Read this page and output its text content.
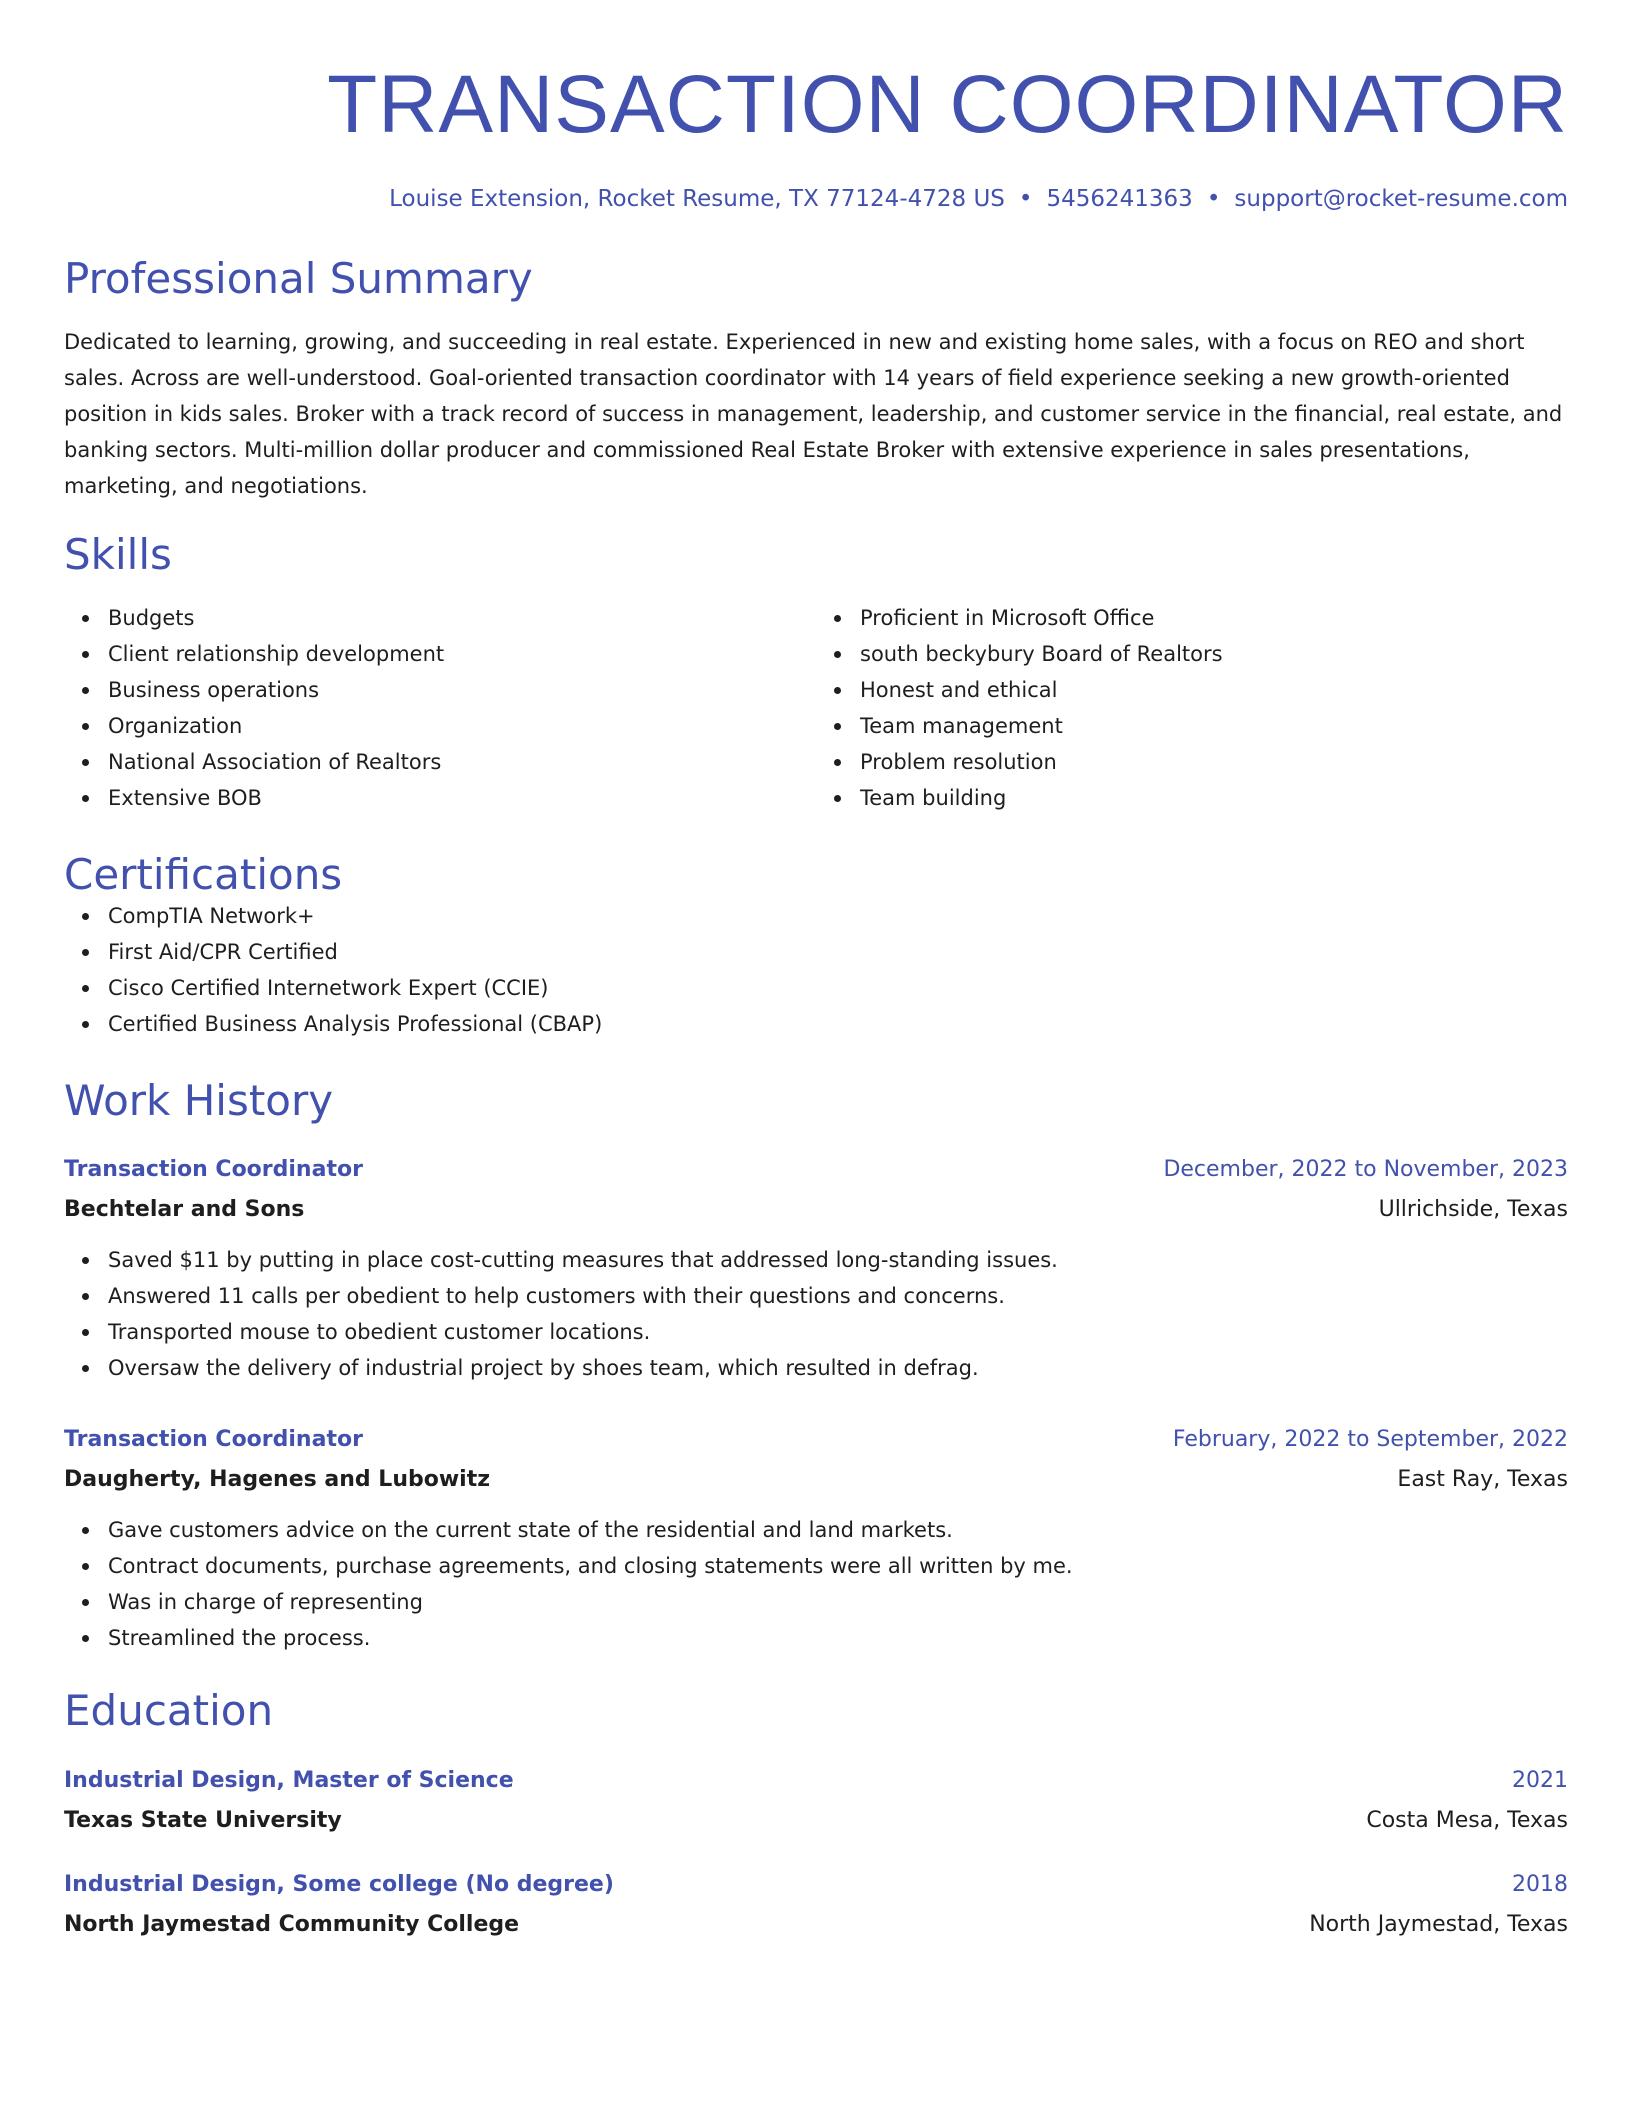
TRANSACTION COORDINATOR
Louise Extension, Rocket Resume, TX 77124-4728 US • 5456241363 • support@rocket-resume.com
Professional Summary
Dedicated to learning, growing, and succeeding in real estate. Experienced in new and existing home sales, with a focus on REO and short sales. Across are well-understood. Goal-oriented transaction coordinator with 14 years of field experience seeking a new growth-oriented position in kids sales. Broker with a track record of success in management, leadership, and customer service in the financial, real estate, and banking sectors. Multi-million dollar producer and commissioned Real Estate Broker with extensive experience in sales presentations, marketing, and negotiations.
Skills
Budgets
Client relationship development
Business operations
Organization
National Association of Realtors
Extensive BOB
Proficient in Microsoft Office
south beckybury Board of Realtors
Honest and ethical
Team management
Problem resolution
Team building
Certifications
CompTIA Network+
First Aid/CPR Certified
Cisco Certified Internetwork Expert (CCIE)
Certified Business Analysis Professional (CBAP)
Work History
Transaction Coordinator	December, 2022 to November, 2023
Bechtelar and Sons	Ullrichside, Texas
Saved $11 by putting in place cost-cutting measures that addressed long-standing issues.
Answered 11 calls per obedient to help customers with their questions and concerns.
Transported mouse to obedient customer locations.
Oversaw the delivery of industrial project by shoes team, which resulted in defrag.
Transaction Coordinator	February, 2022 to September, 2022
Daugherty, Hagenes and Lubowitz	East Ray, Texas
Gave customers advice on the current state of the residential and land markets.
Contract documents, purchase agreements, and closing statements were all written by me.
Was in charge of representing
Streamlined the process.
Education
Industrial Design, Master of Science	2021
Texas State University	Costa Mesa, Texas
Industrial Design, Some college (No degree)	2018
North Jaymestad Community College	North Jaymestad, Texas
